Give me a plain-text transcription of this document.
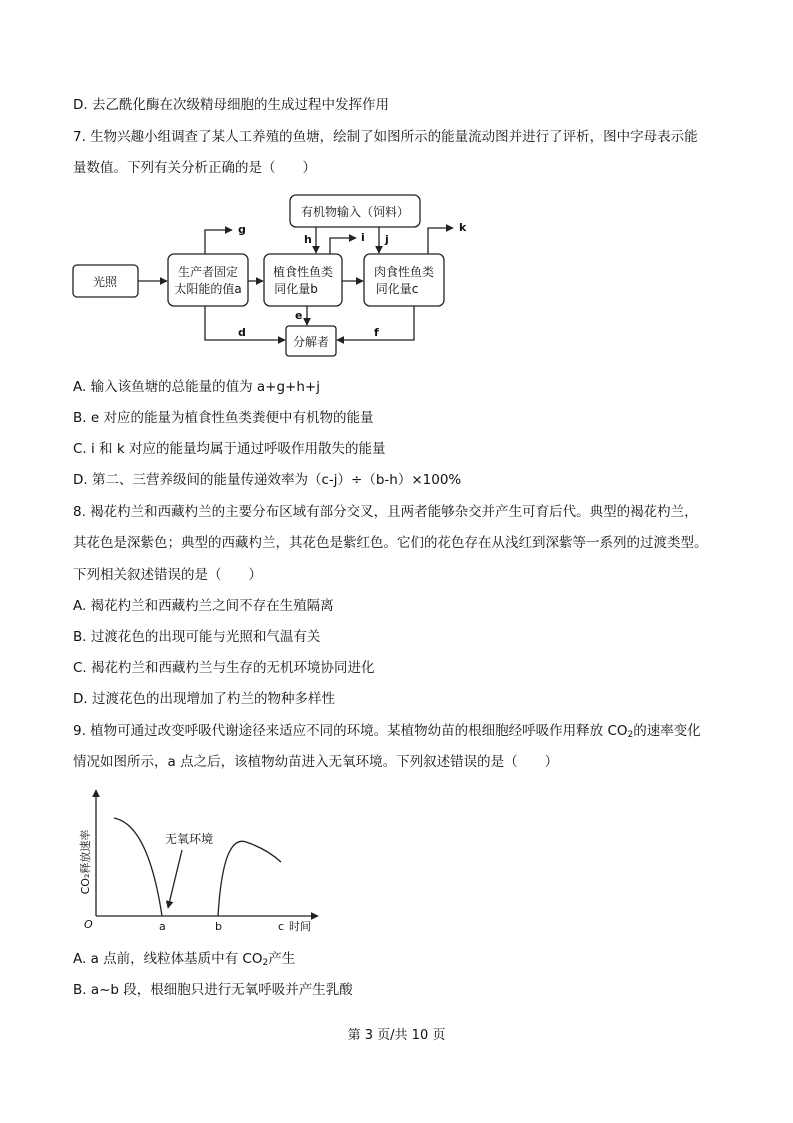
D. 去乙酰化酶在次级精母细胞的生成过程中发挥作用
7. 生物兴趣小组调查了某人工养殖的鱼塘，绘制了如图所示的能量流动图并进行了评析，图中字母表示能
量数值。下列有关分析正确的是（　　）
光照
生产者固定
太阳能的值a
植食性鱼类
同化量b
肉食性鱼类
同化量c
有机物输入（饲料）
分解者
g
h	i j
k
e
d	f
A. 输入该鱼塘的总能量的值为 a+g+h+j
B. e 对应的能量为植食性鱼类粪便中有机物的能量
C. i 和 k 对应的能量均属于通过呼吸作用散失的能量
D. 第二、三营养级间的能量传递效率为（c-j）÷（b-h）×100%
8. 褐花杓兰和西藏杓兰的主要分布区域有部分交叉，且两者能够杂交并产生可育后代。典型的褐花杓兰，
其花色是深紫色；典型的西藏杓兰，其花色是紫红色。它们的花色存在从浅红到深紫等一系列的过渡类型。
下列相关叙述错误的是（　　）
A. 褐花杓兰和西藏杓兰之间不存在生殖隔离
B. 过渡花色的出现可能与光照和气温有关
C. 褐花杓兰和西藏杓兰与生存的无机环境协同进化
D. 过渡花色的出现增加了杓兰的物种多样性
9. 植物可通过改变呼吸代谢途径来适应不同的环境。某植物幼苗的根细胞经呼吸作用释放 $CO_2$的速率变化
情况如图所示，a 点之后，该植物幼苗进入无氧环境。下列叙述错误的是（　　）
CO₂释放速率	无氧环境
O	a	b	c 时间
A. a 点前，线粒体基质中有 $CO_2$产生
B. a~b 段，根细胞只进行无氧呼吸并产生乳酸
第 3 页/共 10 页
